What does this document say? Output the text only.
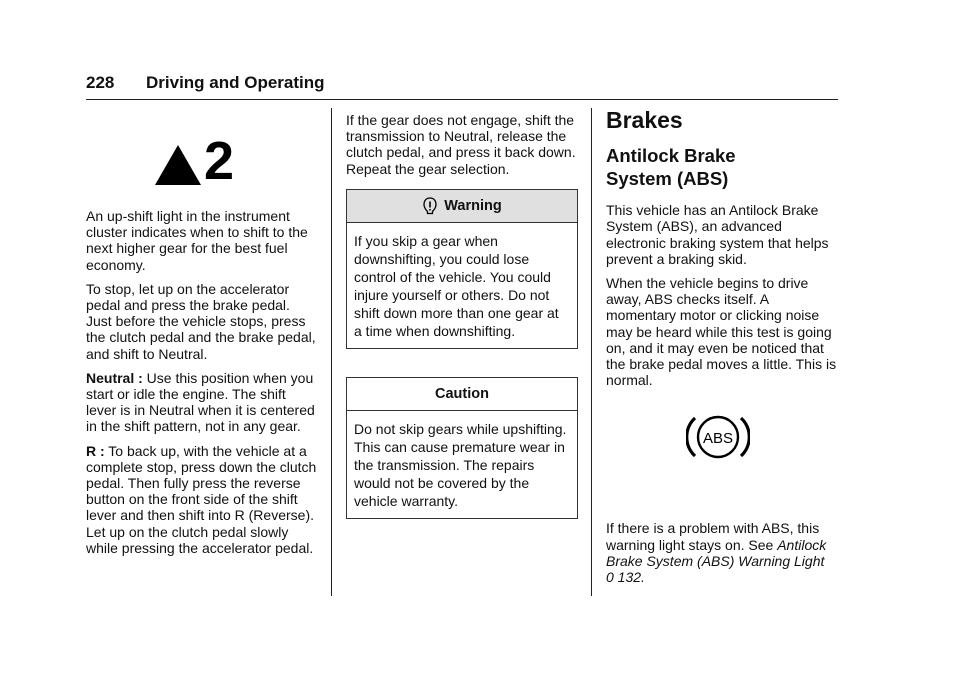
228 Driving and Operating
2

An up-shift light in the instrument cluster indicates when to shift to the next higher gear for the best fuel economy.

To stop, let up on the accelerator pedal and press the brake pedal. Just before the vehicle stops, press the clutch pedal and the brake pedal, and shift to Neutral.

Neutral : Use this position when you start or idle the engine. The shift lever is in Neutral when it is centered in the shift pattern, not in any gear.

R : To back up, with the vehicle at a complete stop, press down the clutch pedal. Then fully press the reverse button on the front side of the shift lever and then shift into R (Reverse). Let up on the clutch pedal slowly while pressing the accelerator pedal.

If the gear does not engage, shift the transmission to Neutral, release the clutch pedal, and press it back down. Repeat the gear selection.

Warning
If you skip a gear when downshifting, you could lose control of the vehicle. You could injure yourself or others. Do not shift down more than one gear at a time when downshifting.
Caution
Do not skip gears while upshifting. This can cause premature wear in the transmission. The repairs would not be covered by the vehicle warranty.
Brakes
Antilock Brake System (ABS)

This vehicle has an Antilock Brake System (ABS), an advanced electronic braking system that helps prevent a braking skid.

When the vehicle begins to drive away, ABS checks itself. A momentary motor or clicking noise may be heard while this test is going on, and it may even be noticed that the brake pedal moves a little. This is normal.

ABS

If there is a problem with ABS, this warning light stays on. See Antilock Brake System (ABS) Warning Light
0 132.
